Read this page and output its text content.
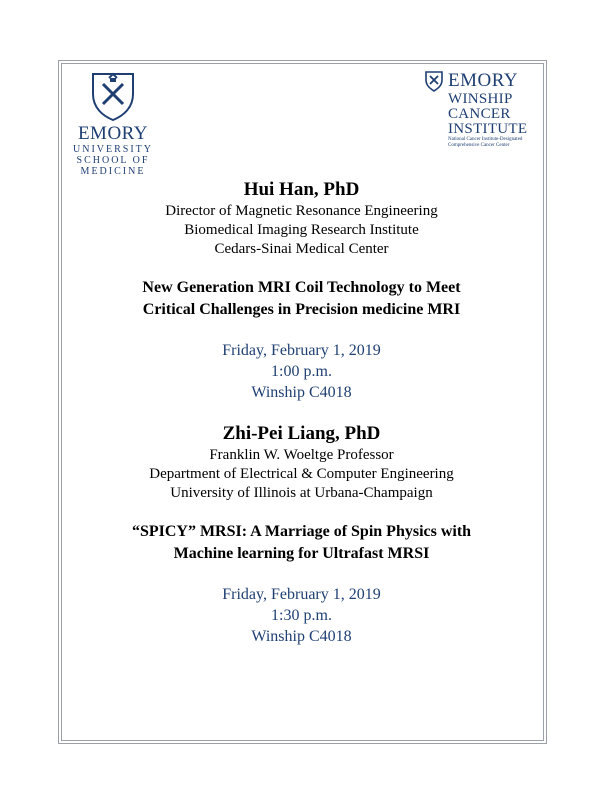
EMORY
UNIVERSITY
SCHOOL OF
MEDICINE
EMORY
WINSHIP
CANCER
INSTITUTE
National Cancer Institute-Designated
Comprehensive Cancer Center
Hui Han, PhD
Director of Magnetic Resonance Engineering
Biomedical Imaging Research Institute
Cedars-Sinai Medical Center
New Generation MRI Coil Technology to Meet
Critical Challenges in Precision medicine MRI
Friday, February 1, 2019
1:00 p.m.
Winship C4018
Zhi-Pei Liang, PhD
Franklin W. Woeltge Professor
Department of Electrical & Computer Engineering
University of Illinois at Urbana-Champaign
“SPICY” MRSI: A Marriage of Spin Physics with
Machine learning for Ultrafast MRSI
Friday, February 1, 2019
1:30 p.m.
Winship C4018
